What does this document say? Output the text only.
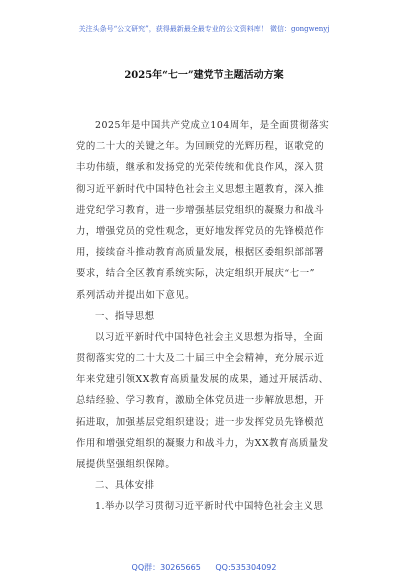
关注头条号“公文研究”，获得最新最全最专业的公文资料库！ 微信：gongwenyj
2025年“七一”建党节主题活动方案
2025年是中国共产党成立104周年，是全面贯彻落实
党的二十大的关键之年。为回顾党的光辉历程，讴歌党的
丰功伟绩，继承和发扬党的光荣传统和优良作风，深入贯
彻习近平新时代中国特色社会主义思想主题教育，深入推
进党纪学习教育，进一步增强基层党组织的凝聚力和战斗
力，增强党员的党性观念，更好地发挥党员的先锋模范作
用，接续奋斗推动教育高质量发展，根据区委组织部部署
要求，结合全区教育系统实际，决定组织开展庆“七一”
系列活动并提出如下意见。
一、指导思想
以习近平新时代中国特色社会主义思想为指导，全面
贯彻落实党的二十大及二十届三中全会精神，充分展示近
年来党建引领XX教育高质量发展的成果，通过开展活动、
总结经验、学习教育，激励全体党员进一步解放思想，开
拓进取，加强基层党组织建设；进一步发挥党员先锋模范
作用和增强党组织的凝聚力和战斗力，为XX教育高质量发
展提供坚强组织保障。
二、具体安排
1.举办以学习贯彻习近平新时代中国特色社会主义思
QQ群：30265665 QQ:535304092
